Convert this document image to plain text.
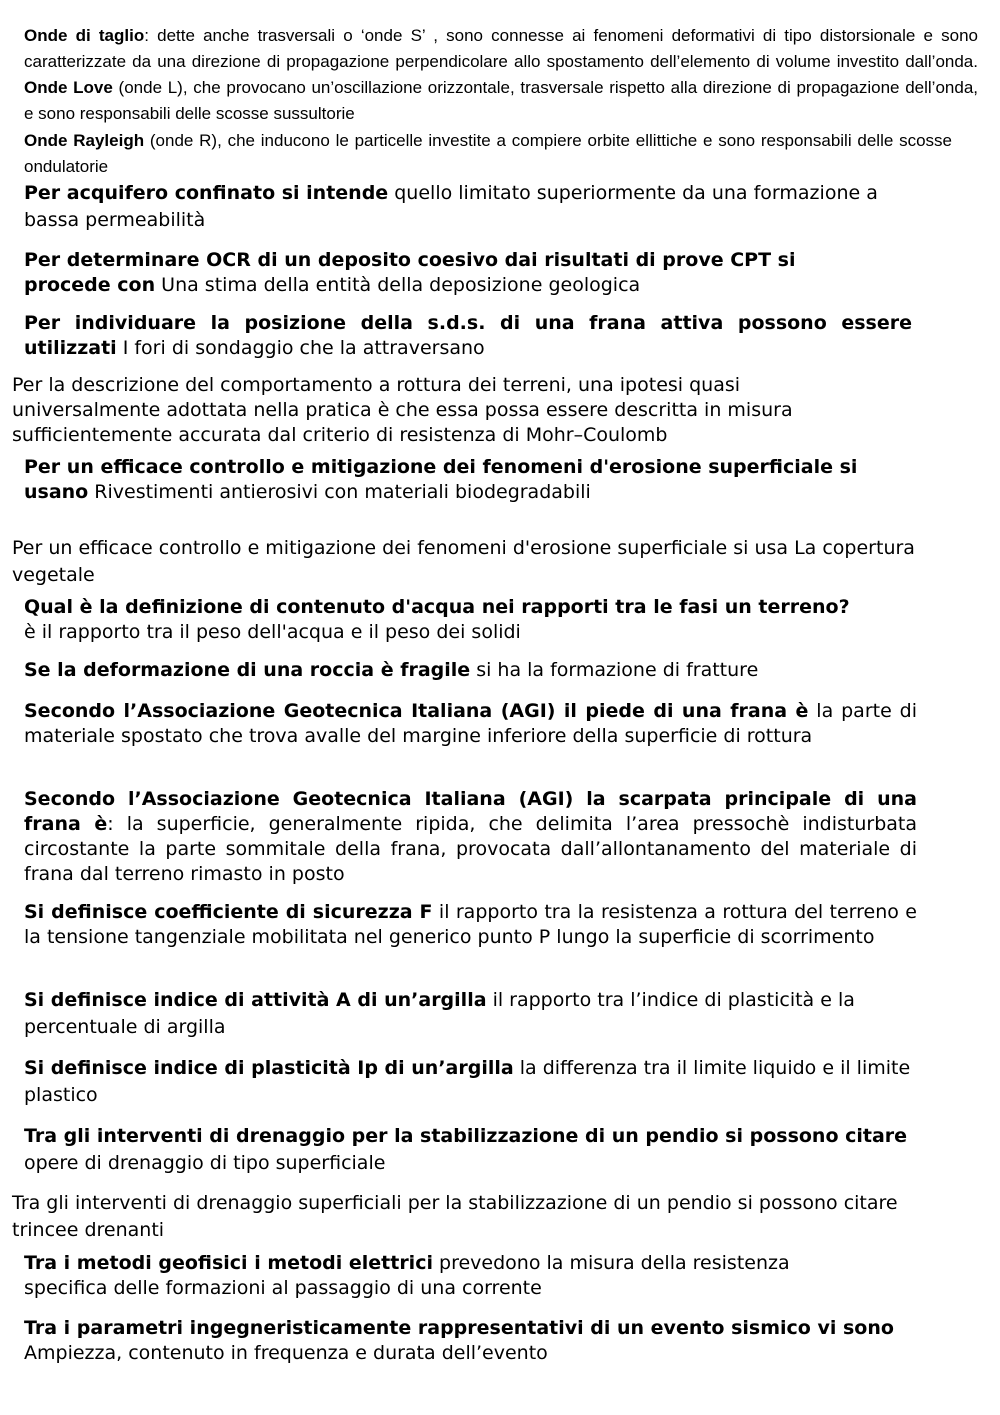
Onde di taglio: dette anche trasversali o ‘onde S’ , sono connesse ai fenomeni deformativi di tipo distorsionale e sono caratterizzate da una direzione di propagazione perpendicolare allo spostamento dell’elemento di volume investito dall’onda. Onde Love (onde L), che provocano un’oscillazione orizzontale, trasversale rispetto alla direzione di propagazione dell’onda, e sono responsabili delle scosse sussultorie

Onde Rayleigh (onde R), che inducono le particelle investite a compiere orbite ellittiche e sono responsabili delle scosse ondulatorie

Per acquifero confinato si intende quello limitato superiormente da una formazione a bassa permeabilità

Per determinare OCR di un deposito coesivo dai risultati di prove CPT si procede con Una stima della entità della deposizione geologica

Per individuare la posizione della s.d.s. di una frana attiva possono essere utilizzati I fori di sondaggio che la attraversano

Per la descrizione del comportamento a rottura dei terreni, una ipotesi quasi universalmente adottata nella pratica è che essa possa essere descritta in misura sufficientemente accurata dal criterio di resistenza di Mohr–Coulomb

Per un efficace controllo e mitigazione dei fenomeni d'erosione superficiale si usano Rivestimenti antierosivi con materiali biodegradabili

Per un efficace controllo e mitigazione dei fenomeni d'erosione superficiale si usa La copertura vegetale

Qual è la definizione di contenuto d'acqua nei rapporti tra le fasi un terreno?
è il rapporto tra il peso dell'acqua e il peso dei solidi

Se la deformazione di una roccia è fragile si ha la formazione di fratture

Secondo l’Associazione Geotecnica Italiana (AGI) il piede di una frana è la parte di materiale spostato che trova avalle del margine inferiore della superficie di rottura

Secondo l’Associazione Geotecnica Italiana (AGI) la scarpata principale di una frana è: la superficie, generalmente ripida, che delimita l’area pressochè indisturbata circostante la parte sommitale della frana, provocata dall’allontanamento del materiale di frana dal terreno rimasto in posto

Si definisce coefficiente di sicurezza F il rapporto tra la resistenza a rottura del terreno e la tensione tangenziale mobilitata nel generico punto P lungo la superficie di scorrimento

Si definisce indice di attività A di un’argilla il rapporto tra l’indice di plasticità e la percentuale di argilla

Si definisce indice di plasticità Ip di un’argilla la differenza tra il limite liquido e il limite plastico

Tra gli interventi di drenaggio per la stabilizzazione di un pendio si possono citare
opere di drenaggio di tipo superficiale

Tra gli interventi di drenaggio superficiali per la stabilizzazione di un pendio si possono citare trincee drenanti

Tra i metodi geofisici i metodi elettrici prevedono la misura della resistenza specifica delle formazioni al passaggio di una corrente

Tra i parametri ingegneristicamente rappresentativi di un evento sismico vi sono Ampiezza, contenuto in frequenza e durata dell’evento
